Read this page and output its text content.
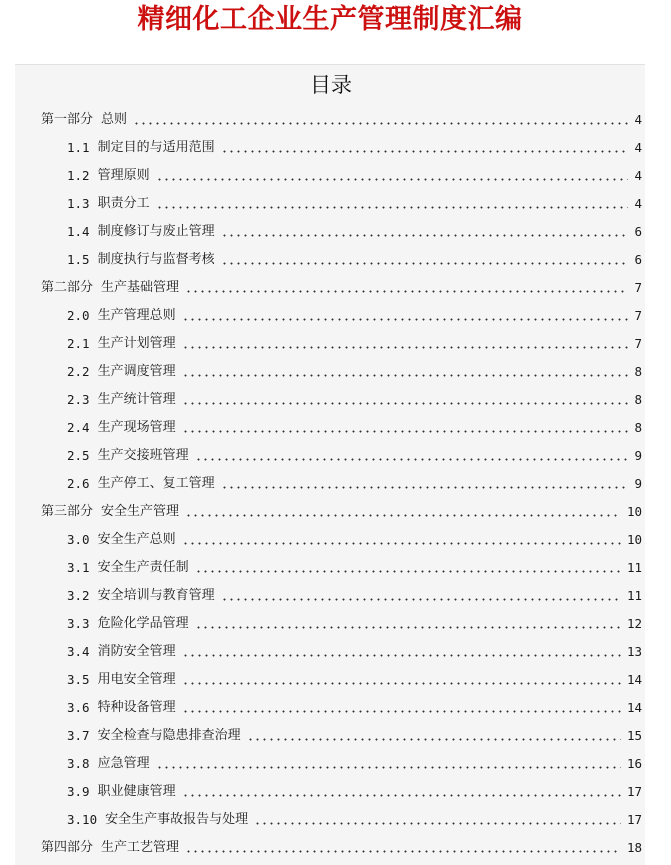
精细化工企业生产管理制度汇编
目录
第一部分 总则	4
1.1 制定目的与适用范围	4
1.2 管理原则	4
1.3 职责分工	4
1.4 制度修订与废止管理	6
1.5 制度执行与监督考核	6
第二部分 生产基础管理	7
2.0 生产管理总则	7
2.1 生产计划管理	7
2.2 生产调度管理	8
2.3 生产统计管理	8
2.4 生产现场管理	8
2.5 生产交接班管理	9
2.6 生产停工、复工管理	9
第三部分 安全生产管理	10
3.0 安全生产总则	10
3.1 安全生产责任制	11
3.2 安全培训与教育管理	11
3.3 危险化学品管理	12
3.4 消防安全管理	13
3.5 用电安全管理	14
3.6 特种设备管理	14
3.7 安全检查与隐患排查治理	15
3.8 应急管理	16
3.9 职业健康管理	17
3.10 安全生产事故报告与处理	17
第四部分 生产工艺管理	18
